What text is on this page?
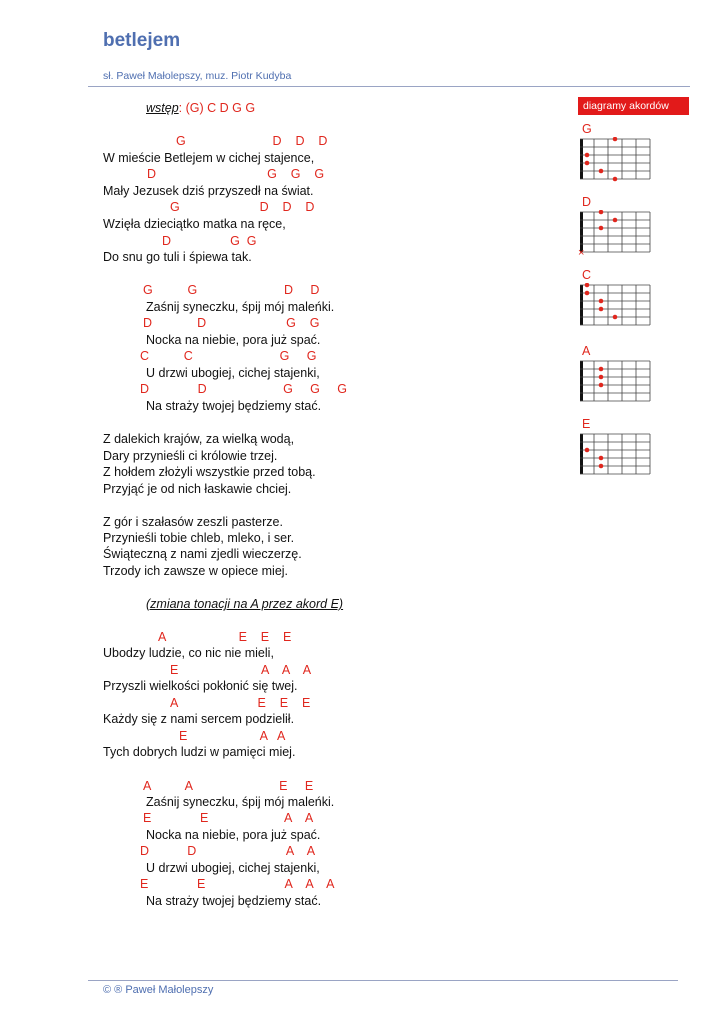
betlejem
sł. Paweł Małolepszy, muz. Piotr Kudyba
wstęp: (G) C D G G
G                         D    D    D
W mieście Betlejem w cichej stajence,
D                                G    G    G
Mały Jezusek dziś przyszedł na świat.
G                       D    D    D
Wzięła dzieciątko matka na ręce,
D                 G  G
Do snu go tuli i śpiewa tak.
G          G                         D     D
Zaśnij syneczku, śpij mój maleńki.
D             D                       G    G
Nocka na niebie, pora już spać.
C          C                         G     G
U drzwi ubogiej, cichej stajenki,
D              D                      G     G     G
Na straży twojej będziemy stać.
Z dalekich krajów, za wielką wodą,
Dary przynieśli ci królowie trzej.
Z hołdem złożyli wszystkie przed tobą.
Przyjąć je od nich łaskawie chciej.
Z gór i szałasów zeszli pasterze.
Przynieśli tobie chleb, mleko, i ser.
Świąteczną z nami zjedli wieczerzę.
Trzody ich zawsze w opiece miej.
(zmiana tonacji na A przez akord E)
A                     E    E    E
Ubodzy ludzie, co nic nie mieli,
E                        A    A    A
Przyszli wielkości pokłonić się twej.
A                       E    E    E
Każdy się z nami sercem podzielił.
E                     A   A
Tych dobrych ludzi w pamięci miej.
A          A                         E     E
Zaśnij syneczku, śpij mój maleńki.
E              E                      A    A
Nocka na niebie, pora już spać.
D           D                          A    A
U drzwi ubogiej, cichej stajenki,
E              E                       A    A    A
Na straży twojej będziemy stać.
diagramy akordów
G
D
×
C
A
E
© ® Paweł Małolepszy
